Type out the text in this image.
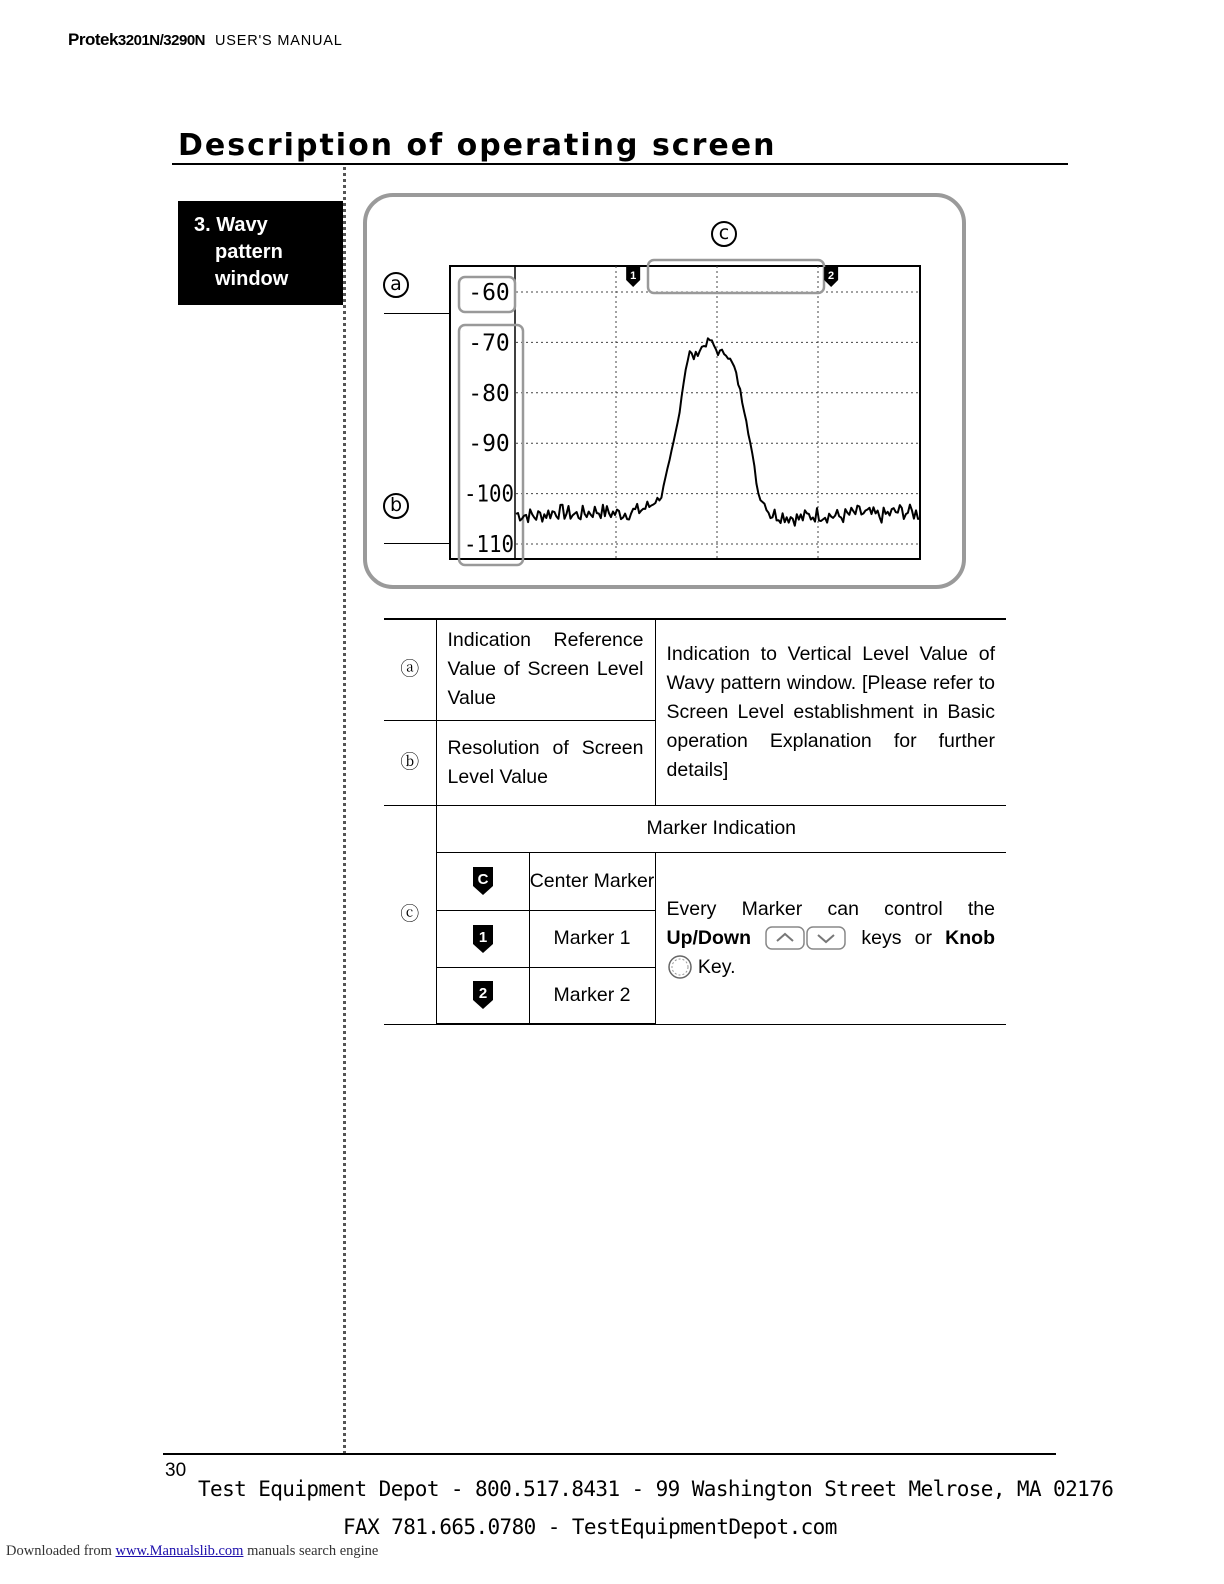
Protek3201N/3290N USER'S MANUAL
Description of operating screen
3. Wavy
pattern
window	a
b
c
-60
-70
-80
-90
-100
-110
1	2
ⓐ	Indication Reference Value of Screen Level Value		Indication to Vertical Level Value of Wavy pattern window. [Please refer to Screen Level establishment in Basic operation Explanation for further details]
ⓑ	Resolution of Screen Level Value		
ⓒ	Marker Indication		

C	Center Marker	Every Marker can control the Up/Down keys or Knob  Key.

1	Marker 1	

2	Marker 2	
30
Test Equipment Depot - 800.517.8431 - 99 Washington Street Melrose, MA 02176
FAX 781.665.0780 - TestEquipmentDepot.com
Downloaded from www.Manualslib.com manuals search engine
